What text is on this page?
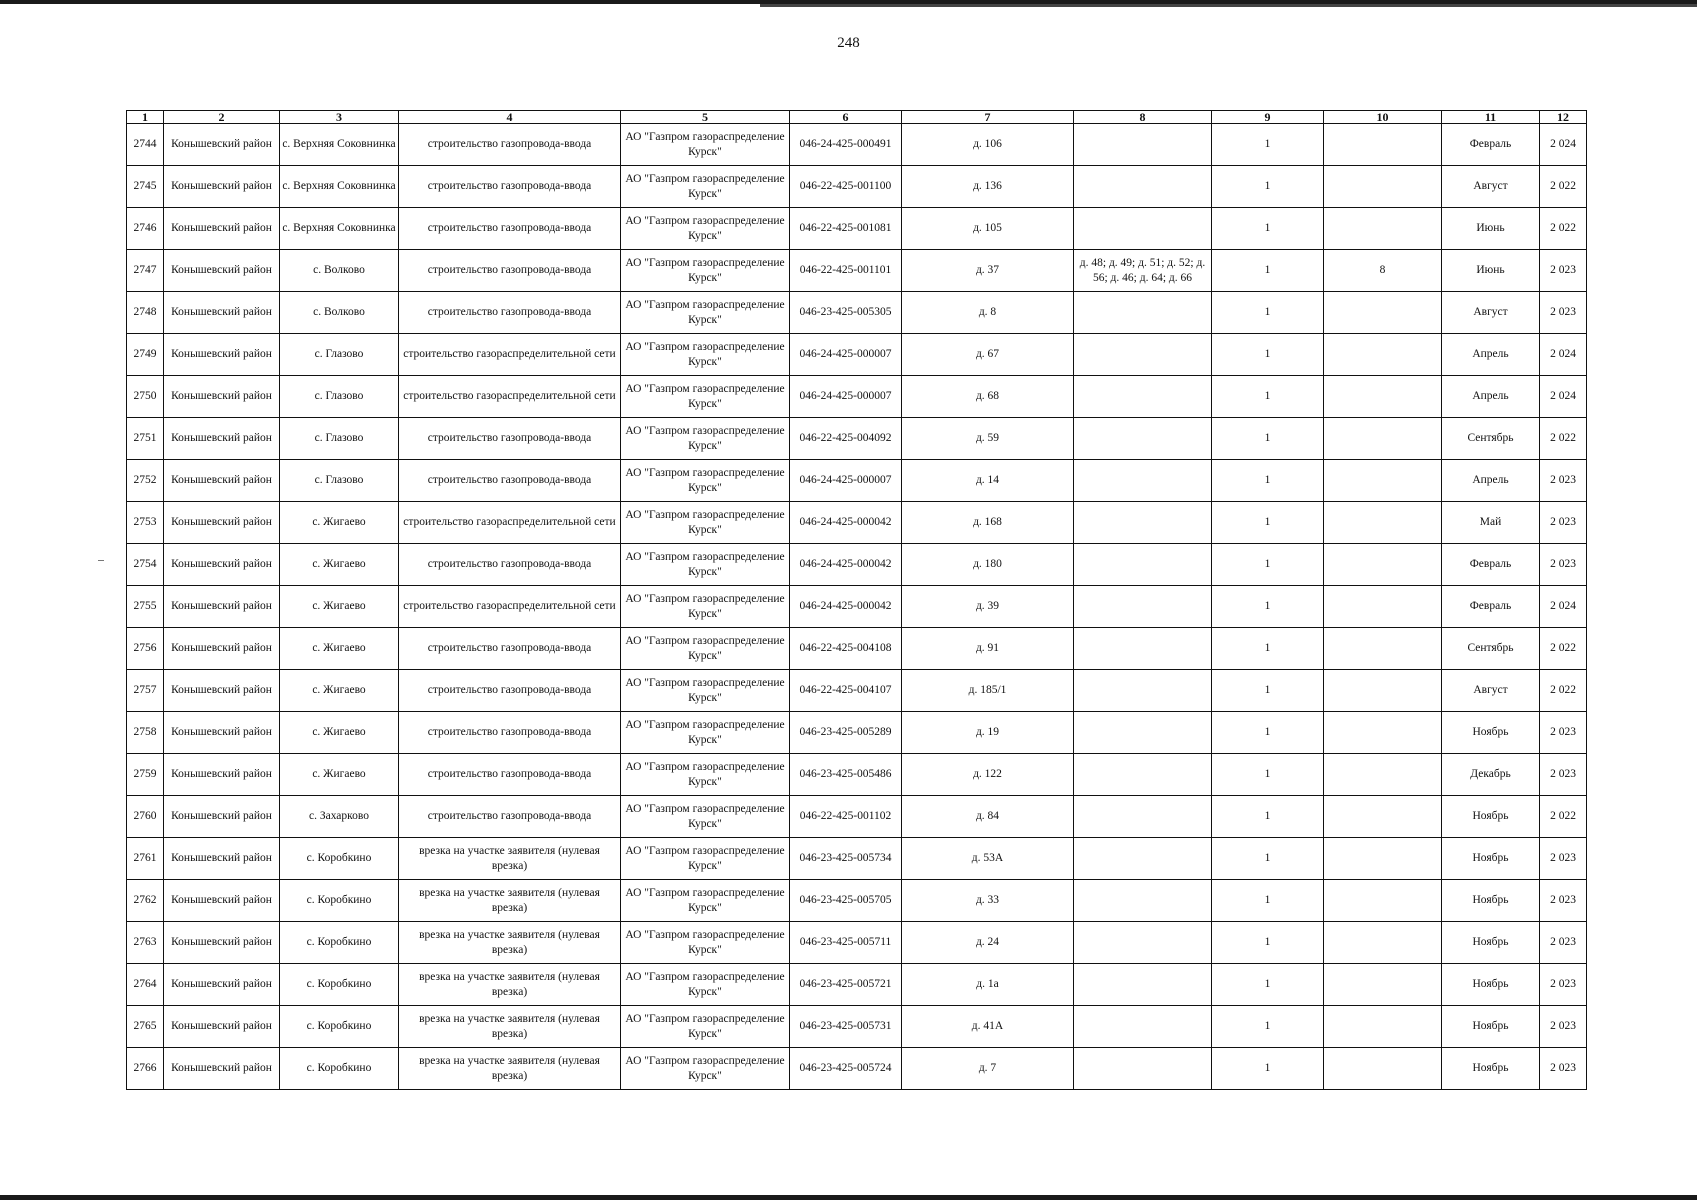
248
1	2	3	4	5	6	7	8	9	10	11	12
2744	Конышевский район	с. Верхняя Соковнинка	строительство газопровода-ввода	АО "Газпром газораспределение Курск"	046-24-425-000491	д. 106		1		Февраль	2 024
2745	Конышевский район	с. Верхняя Соковнинка	строительство газопровода-ввода	АО "Газпром газораспределение Курск"	046-22-425-001100	д. 136		1		Август	2 022
2746	Конышевский район	с. Верхняя Соковнинка	строительство газопровода-ввода	АО "Газпром газораспределение Курск"	046-22-425-001081	д. 105		1		Июнь	2 022
2747	Конышевский район	с. Волково	строительство газопровода-ввода	АО "Газпром газораспределение Курск"	046-22-425-001101	д. 37	д. 48; д. 49; д. 51; д. 52; д. 56; д. 46; д. 64; д. 66	1	8	Июнь	2 023
2748	Конышевский район	с. Волково	строительство газопровода-ввода	АО "Газпром газораспределение Курск"	046-23-425-005305	д. 8		1		Август	2 023
2749	Конышевский район	с. Глазово	строительство газораспределительной сети	АО "Газпром газораспределение Курск"	046-24-425-000007	д. 67		1		Апрель	2 024
2750	Конышевский район	с. Глазово	строительство газораспределительной сети	АО "Газпром газораспределение Курск"	046-24-425-000007	д. 68		1		Апрель	2 024
2751	Конышевский район	с. Глазово	строительство газопровода-ввода	АО "Газпром газораспределение Курск"	046-22-425-004092	д. 59		1		Сентябрь	2 022
2752	Конышевский район	с. Глазово	строительство газопровода-ввода	АО "Газпром газораспределение Курск"	046-24-425-000007	д. 14		1		Апрель	2 023
2753	Конышевский район	с. Жигаево	строительство газораспределительной сети	АО "Газпром газораспределение Курск"	046-24-425-000042	д. 168		1		Май	2 023
2754	Конышевский район	с. Жигаево	строительство газопровода-ввода	АО "Газпром газораспределение Курск"	046-24-425-000042	д. 180		1		Февраль	2 023
2755	Конышевский район	с. Жигаево	строительство газораспределительной сети	АО "Газпром газораспределение Курск"	046-24-425-000042	д. 39		1		Февраль	2 024
2756	Конышевский район	с. Жигаево	строительство газопровода-ввода	АО "Газпром газораспределение Курск"	046-22-425-004108	д. 91		1		Сентябрь	2 022
2757	Конышевский район	с. Жигаево	строительство газопровода-ввода	АО "Газпром газораспределение Курск"	046-22-425-004107	д. 185/1		1		Август	2 022
2758	Конышевский район	с. Жигаево	строительство газопровода-ввода	АО "Газпром газораспределение Курск"	046-23-425-005289	д. 19		1		Ноябрь	2 023
2759	Конышевский район	с. Жигаево	строительство газопровода-ввода	АО "Газпром газораспределение Курск"	046-23-425-005486	д. 122		1		Декабрь	2 023
2760	Конышевский район	с. Захарково	строительство газопровода-ввода	АО "Газпром газораспределение Курск"	046-22-425-001102	д. 84		1		Ноябрь	2 022
2761	Конышевский район	с. Коробкино	врезка на участке заявителя (нулевая врезка)	АО "Газпром газораспределение Курск"	046-23-425-005734	д. 53А		1		Ноябрь	2 023
2762	Конышевский район	с. Коробкино	врезка на участке заявителя (нулевая врезка)	АО "Газпром газораспределение Курск"	046-23-425-005705	д. 33		1		Ноябрь	2 023
2763	Конышевский район	с. Коробкино	врезка на участке заявителя (нулевая врезка)	АО "Газпром газораспределение Курск"	046-23-425-005711	д. 24		1		Ноябрь	2 023
2764	Конышевский район	с. Коробкино	врезка на участке заявителя (нулевая врезка)	АО "Газпром газораспределение Курск"	046-23-425-005721	д. 1а		1		Ноябрь	2 023
2765	Конышевский район	с. Коробкино	врезка на участке заявителя (нулевая врезка)	АО "Газпром газораспределение Курск"	046-23-425-005731	д. 41А		1		Ноябрь	2 023
2766	Конышевский район	с. Коробкино	врезка на участке заявителя (нулевая врезка)	АО "Газпром газораспределение Курск"	046-23-425-005724	д. 7		1		Ноябрь	2 023
